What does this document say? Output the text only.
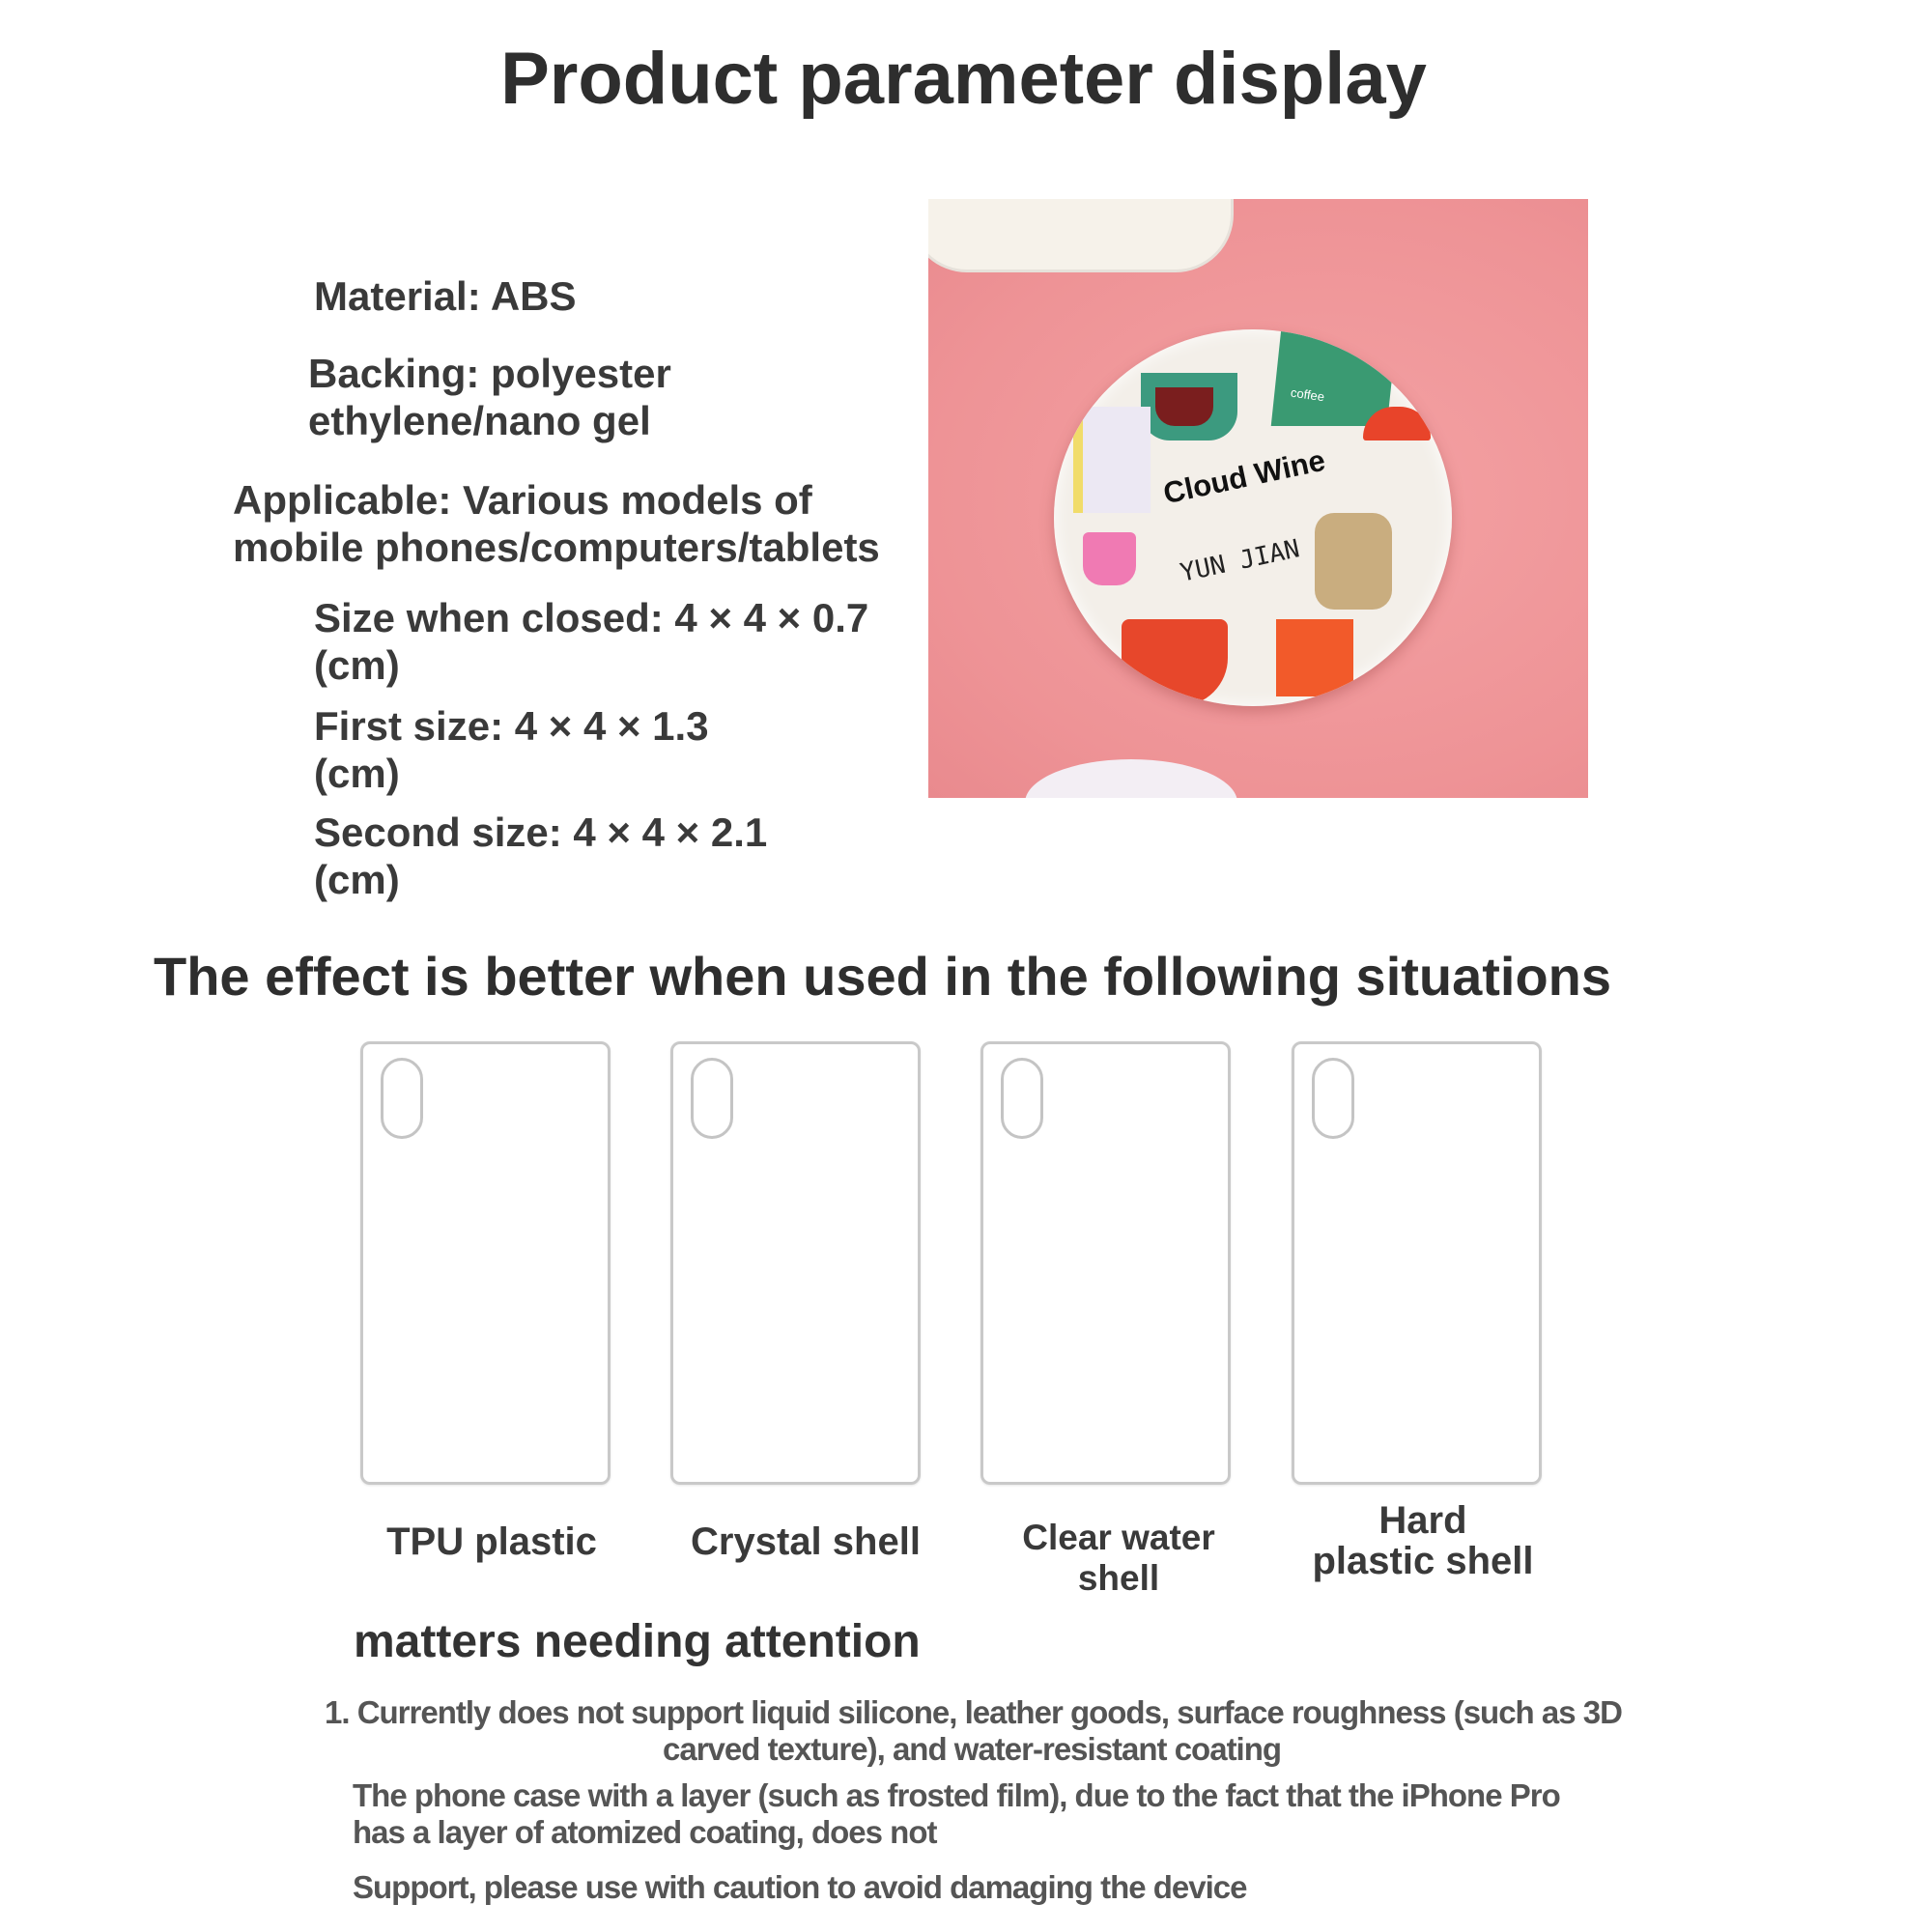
Product parameter display
Material: ABS
Backing: polyester
ethylene/nano gel
Applicable: Various models of
mobile phones/computers/tablets
Size when closed: 4 × 4 × 0.7
(cm)
First size: 4 × 4 × 1.3
(cm)
Second size: 4 × 4 × 2.1
(cm)
coffee
Cloud Wine
YUN JIAN
The effect is better when used in the following situations
TPU plastic	Crystal shell	Clear water
shell
Hard
plastic shell
matters needing attention
1. Currently does not support liquid silicone, leather goods, surface roughness (such as 3D
carved texture), and water-resistant coating
The phone case with a layer (such as frosted film), due to the fact that the iPhone Pro
has a layer of atomized coating, does not
Support, please use with caution to avoid damaging the device
